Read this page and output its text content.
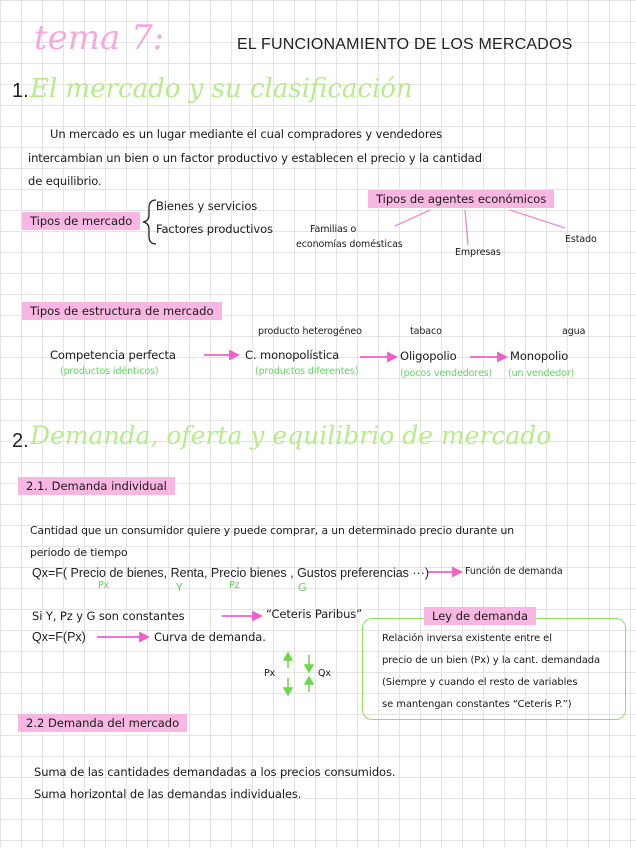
tema 7:	EL FUNCIONAMIENTO DE LOS MERCADOS
1. El mercado y su clasificación
Un mercado es un lugar mediante el cual compradores y vendedores
intercambian un bien o un factor productivo y establecen el precio y la cantidad
de equilibrio.
Tipos de mercado
Bienes y servicios
Factores productivos
Tipos de agentes económicos
Familias o
economías domésticas
Empresas
Estado
Tipos de estructura de mercado
producto heterogéneo	tabaco	agua
Competencia perfecta	C. monopolística	Oligopolio	Monopolio
(productos idénticos)	(productos diferentes)	(pocos vendedores) (un vendedor)
2. Demanda, oferta y equilibrio de mercado
2.1. Demanda individual
Cantidad que un consumidor quiere y puede comprar, a un determinado precio durante un
periodo de tiempo
Qx=F( Precio de bienes, Renta, Precio bienes , Gustos preferencias ···)	Función de demanda
Px	Y	Pz	G
Si Y, Pz y G son constantes	“Ceteris Paribus”
Qx=F(Px)	Curva de demanda.
Px	Qx
Ley de demanda
Relación inversa existente entre el
precio de un bien (Px) y la cant. demandada
(Siempre y cuando el resto de variables
se mantengan constantes “Ceteris P.”)
2.2 Demanda del mercado
Suma de las cantidades demandadas a los precios consumidos.
Suma horizontal de las demandas individuales.
